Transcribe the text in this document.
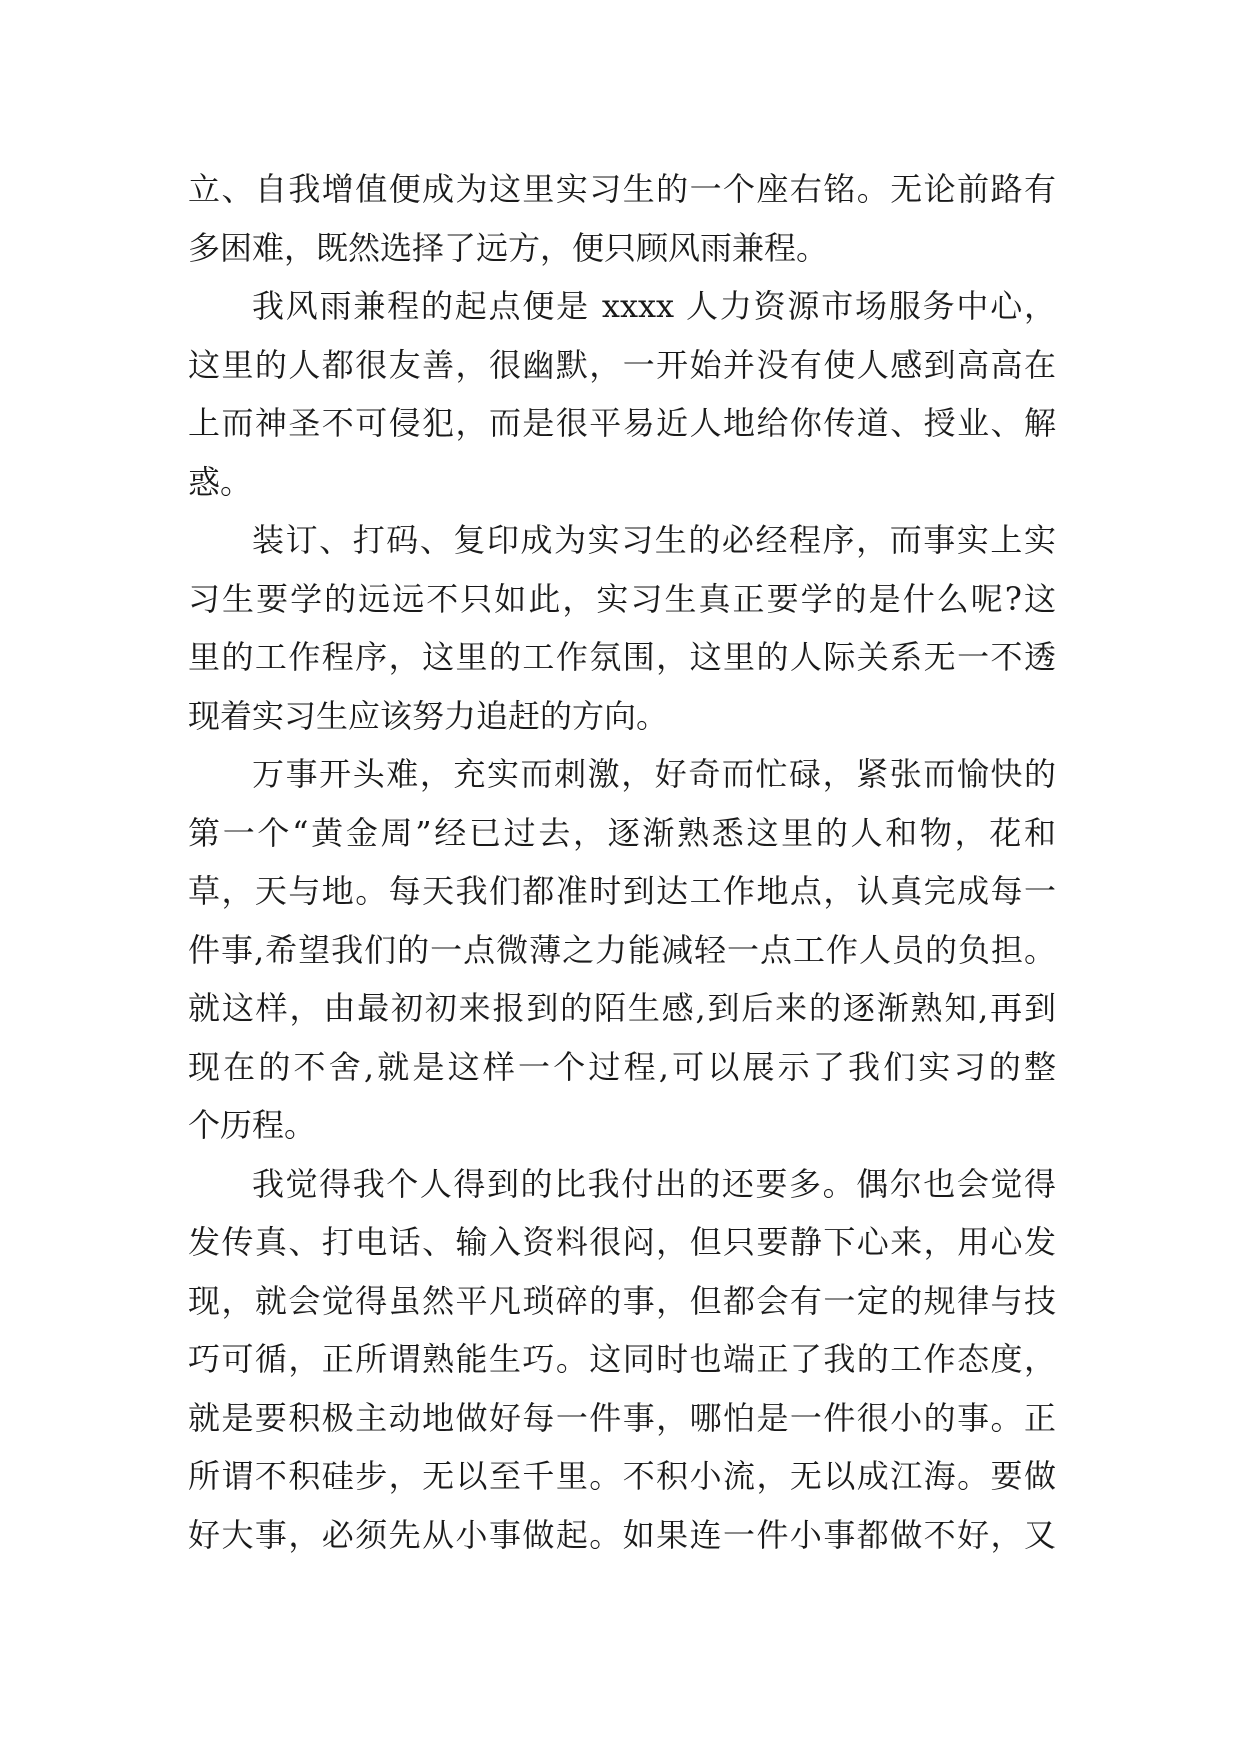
立、自我增值便成为这里实习生的一个座右铭。无论前路有
多困难，既然选择了远方，便只顾风雨兼程。
我风雨兼程的起点便是 xxxx 人力资源市场服务中心，
这里的人都很友善，很幽默，一开始并没有使人感到高高在
上而神圣不可侵犯，而是很平易近人地给你传道、授业、解
惑。
装订、打码、复印成为实习生的必经程序，而事实上实
习生要学的远远不只如此，实习生真正要学的是什么呢?这
里的工作程序，这里的工作氛围，这里的人际关系无一不透
现着实习生应该努力追赶的方向。
万事开头难，充实而刺激，好奇而忙碌，紧张而愉快的
第一个“黄金周”经已过去，逐渐熟悉这里的人和物，花和
草，天与地。每天我们都准时到达工作地点，认真完成每一
件事,希望我们的一点微薄之力能减轻一点工作人员的负担。
就这样，由最初初来报到的陌生感,到后来的逐渐熟知,再到
现在的不舍,就是这样一个过程,可以展示了我们实习的整
个历程。
我觉得我个人得到的比我付出的还要多。偶尔也会觉得
发传真、打电话、输入资料很闷，但只要静下心来，用心发
现，就会觉得虽然平凡琐碎的事，但都会有一定的规律与技
巧可循，正所谓熟能生巧。这同时也端正了我的工作态度，
就是要积极主动地做好每一件事，哪怕是一件很小的事。正
所谓不积硅步，无以至千里。不积小流，无以成江海。要做
好大事，必须先从小事做起。如果连一件小事都做不好，又
